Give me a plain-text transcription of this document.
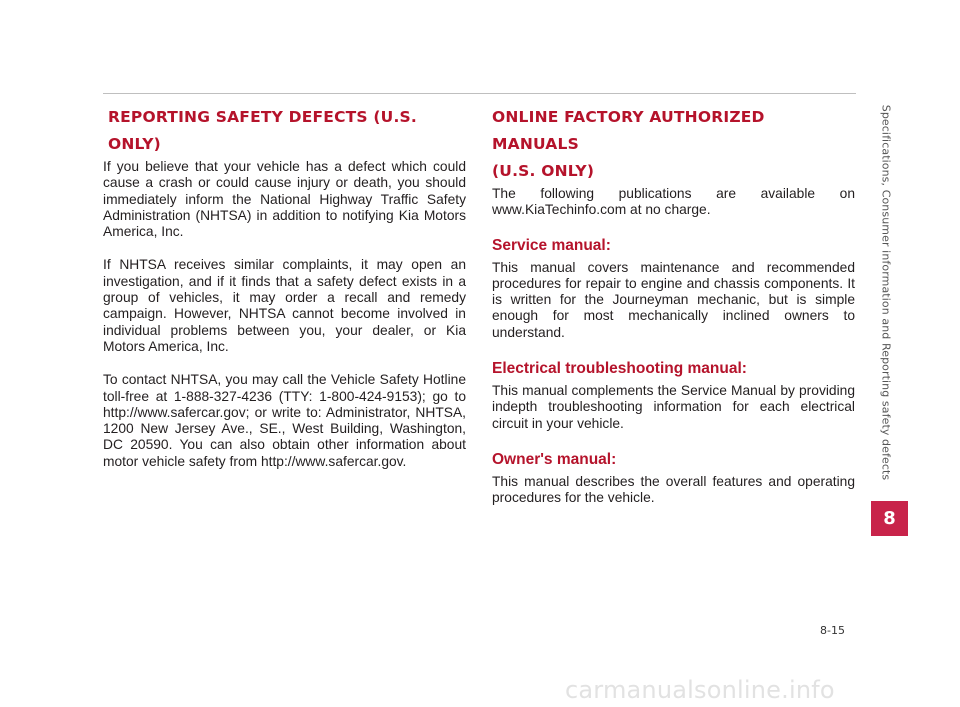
REPORTING SAFETY DEFECTS (U.S. ONLY)

If you believe that your vehicle has a defect which could cause a crash or could cause injury or death, you should immediately inform the National Highway Traffic Safety Administration (NHTSA) in addition to notifying Kia Motors America, Inc.

If NHTSA receives similar complaints, it may open an investigation, and if it finds that a safety defect exists in a group of vehicles, it may order a recall and remedy campaign. However, NHTSA cannot become involved in individual problems between you, your dealer, or Kia Motors America, Inc.

To contact NHTSA, you may call the Vehicle Safety Hotline toll-free at 1-888-327-4236 (TTY: 1-800-424-9153); go to http://www.safercar.gov; or write to: Administrator, NHTSA, 1200 New Jersey Ave., SE., West Building, Washington, DC 20590. You can also obtain other information about motor vehicle safety from http://www.safercar.gov.

ONLINE FACTORY AUTHORIZED MANUALS
(U.S. ONLY)

The following publications are available on www.KiaTechinfo.com at no charge.

Service manual:

This manual covers maintenance and recommended procedures for repair to engine and chassis components. It is written for the Journeyman mechanic, but is simple enough for most mechanically inclined owners to understand.

Electrical troubleshooting manual:

This manual complements the Service Manual by providing indepth troubleshooting information for each electrical circuit in your vehicle.

Owner's manual:

This manual describes the overall features and operating procedures for the vehicle.

Specifications, Consumer information and Reporting safety defects
8
8-15
carmanualsonline.info
